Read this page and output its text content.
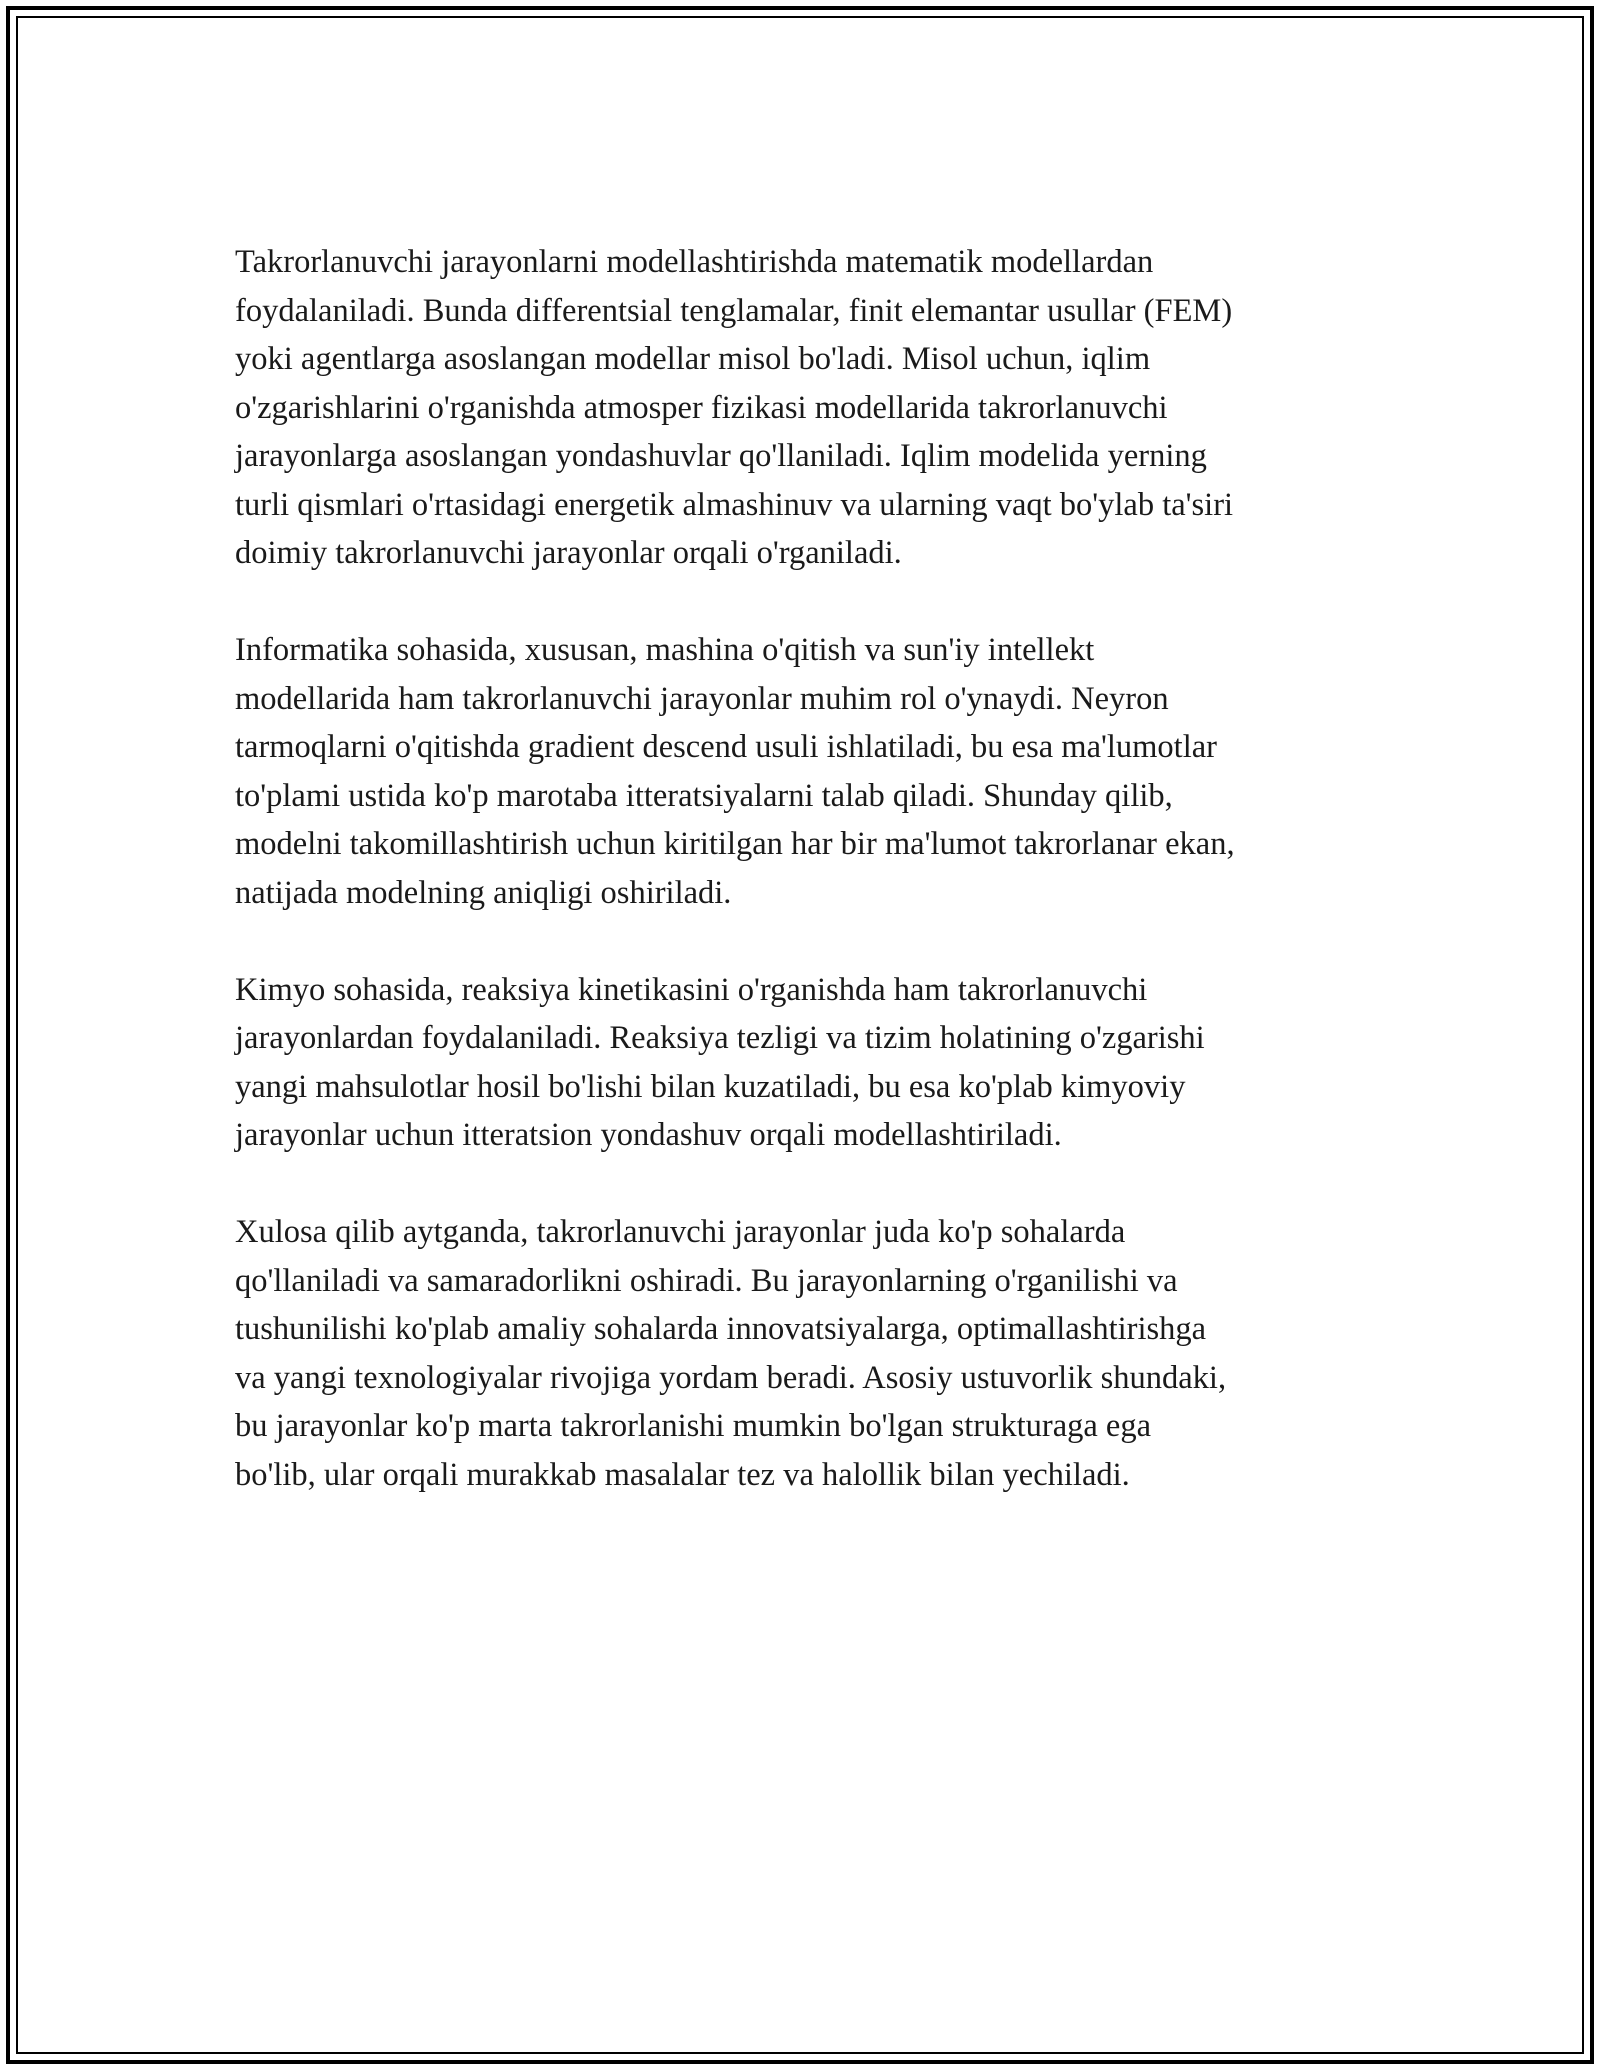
Takrorlanuvchi jarayonlarni modellashtirishda matematik modellardan
foydalaniladi. Bunda differentsial tenglamalar, finit elemantar usullar (FEM)
yoki agentlarga asoslangan modellar misol bo'ladi. Misol uchun, iqlim
o'zgarishlarini o'rganishda atmosper fizikasi modellarida takrorlanuvchi
jarayonlarga asoslangan yondashuvlar qo'llaniladi. Iqlim modelida yerning
turli qismlari o'rtasidagi energetik almashinuv va ularning vaqt bo'ylab ta'siri
doimiy takrorlanuvchi jarayonlar orqali o'rganiladi.

Informatika sohasida, xususan, mashina o'qitish va sun'iy intellekt
modellarida ham takrorlanuvchi jarayonlar muhim rol o'ynaydi. Neyron
tarmoqlarni o'qitishda gradient descend usuli ishlatiladi, bu esa ma'lumotlar
to'plami ustida ko'p marotaba itteratsiyalarni talab qiladi. Shunday qilib,
modelni takomillashtirish uchun kiritilgan har bir ma'lumot takrorlanar ekan,
natijada modelning aniqligi oshiriladi.

Kimyo sohasida, reaksiya kinetikasini o'rganishda ham takrorlanuvchi
jarayonlardan foydalaniladi. Reaksiya tezligi va tizim holatining o'zgarishi
yangi mahsulotlar hosil bo'lishi bilan kuzatiladi, bu esa ko'plab kimyoviy
jarayonlar uchun itteratsion yondashuv orqali modellashtiriladi.

Xulosa qilib aytganda, takrorlanuvchi jarayonlar juda ko'p sohalarda
qo'llaniladi va samaradorlikni oshiradi. Bu jarayonlarning o'rganilishi va
tushunilishi ko'plab amaliy sohalarda innovatsiyalarga, optimallashtirishga
va yangi texnologiyalar rivojiga yordam beradi. Asosiy ustuvorlik shundaki,
bu jarayonlar ko'p marta takrorlanishi mumkin bo'lgan strukturaga ega
bo'lib, ular orqali murakkab masalalar tez va halollik bilan yechiladi.
